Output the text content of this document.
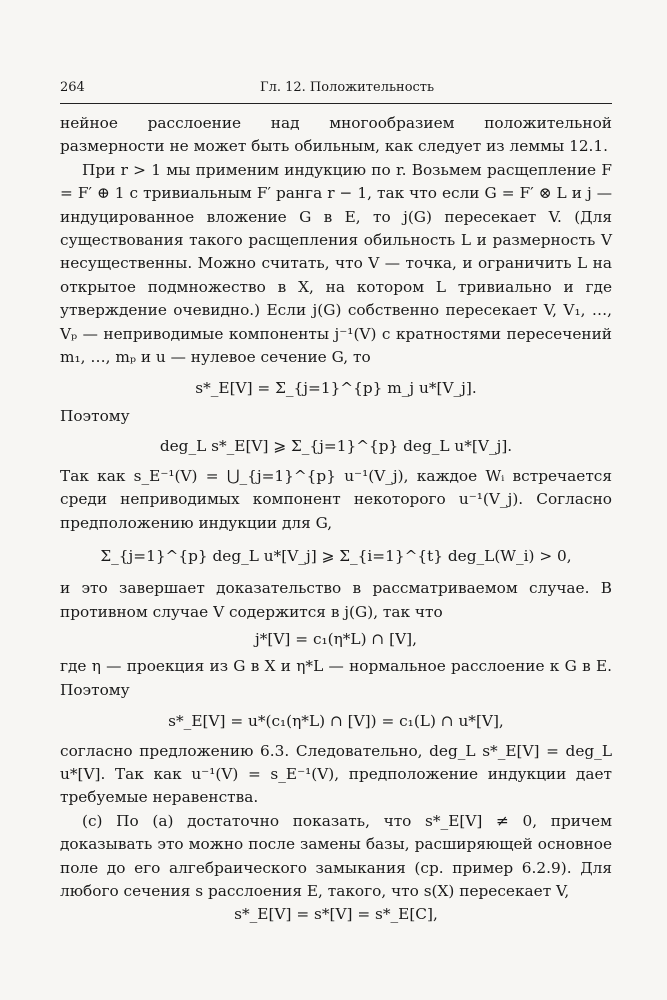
264	Гл. 12. Положительность

нейное расслоение над многообразием положительной размерности не может быть обильным, как следует из леммы 12.1.

При r > 1 мы применим индукцию по r. Возьмем расщепление F = F′ ⊕ 1 с тривиальным F′ ранга r − 1, так что если G = F′ ⊗ L и j — индуцированное вложение G в E, то j(G) пересекает V. (Для существования такого расщепления обильность L и размерность V несущественны. Можно считать, что V — точка, и ограничить L на открытое подмножество в X, на котором L тривиально и где утверждение очевидно.) Если j(G) собственно пересекает V, V₁, …, Vₚ — неприводимые компоненты j⁻¹(V) с кратностями пересечений m₁, …, mₚ и u — нулевое сечение G, то

s*_E[V] = Σ_{j=1}^{p} m_j u*[V_j].

Поэтому

deg_L s*_E[V] ⩾ Σ_{j=1}^{p} deg_L u*[V_j].

Так как s_E⁻¹(V) = ⋃_{j=1}^{p} u⁻¹(V_j), каждое Wᵢ встречается среди неприводимых компонент некоторого u⁻¹(V_j). Согласно предположению индукции для G,

Σ_{j=1}^{p} deg_L u*[V_j] ⩾ Σ_{i=1}^{t} deg_L(W_i) > 0,

и это завершает доказательство в рассматриваемом случае. В противном случае V содержится в j(G), так что

j*[V] = c₁(η*L) ∩ [V],

где η — проекция из G в X и η*L — нормальное расслоение к G в E. Поэтому

s*_E[V] = u*(c₁(η*L) ∩ [V]) = c₁(L) ∩ u*[V],

согласно предложению 6.3. Следовательно, deg_L s*_E[V] = deg_L u*[V]. Так как u⁻¹(V) = s_E⁻¹(V), предположение индукции дает требуемые неравенства.

(c) По (a) достаточно показать, что s*_E[V] ≠ 0, причем доказывать это можно после замены базы, расширяющей основное поле до его алгебраического замыкания (ср. пример 6.2.9). Для любого сечения s расслоения E, такого, что s(X) пересекает V,

s*_E[V] = s*[V] = s*_E[C],
